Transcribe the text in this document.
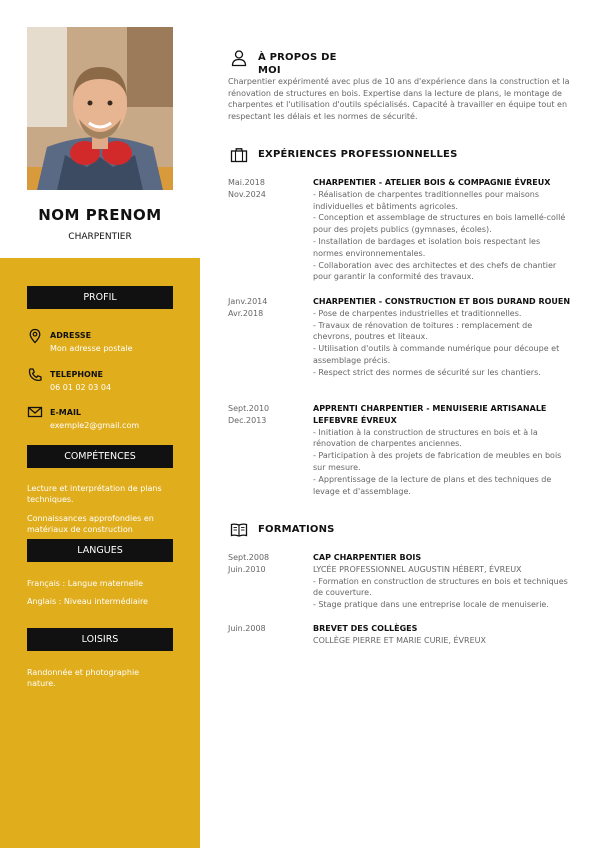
NOM PRENOM
CHARPENTIER
PROFIL
ADRESSE
Mon adresse postale
TELEPHONE
06 01 02 03 04
E-MAIL
exemple2@gmail.com
COMPÉTENCES
Lecture et interprétation de plans techniques.
Connaissances approfondies en matériaux de construction
LANGUES
Français : Langue maternelle
Anglais : Niveau intermédiaire
LOISIRS
Randonnée et photographie nature.
À PROPOS DE MOI
Charpentier expérimenté avec plus de 10 ans d'expérience dans la construction et la rénovation de structures en bois. Expertise dans la lecture de plans, le montage de charpentes et l'utilisation d'outils spécialisés. Capacité à travailler en équipe tout en respectant les délais et les normes de sécurité.
EXPÉRIENCES PROFESSIONNELLES
Mai.2018
Nov.2024
CHARPENTIER - ATELIER BOIS & COMPAGNIE ÉVREUX
- Réalisation de charpentes traditionnelles pour maisons individuelles et bâtiments agricoles.
- Conception et assemblage de structures en bois lamellé-collé pour des projets publics (gymnases, écoles).
- Installation de bardages et isolation bois respectant les normes environnementales.
- Collaboration avec des architectes et des chefs de chantier pour garantir la conformité des travaux.
Janv.2014
Avr.2018
CHARPENTIER - CONSTRUCTION ET BOIS DURAND ROUEN
- Pose de charpentes industrielles et traditionnelles.
- Travaux de rénovation de toitures : remplacement de chevrons, poutres et liteaux.
- Utilisation d'outils à commande numérique pour découpe et assemblage précis.
- Respect strict des normes de sécurité sur les chantiers.
Sept.2010
Dec.2013
APPRENTI CHARPENTIER - MENUISERIE ARTISANALE LEFEBVRE ÉVREUX
- Initiation à la construction de structures en bois et à la rénovation de charpentes anciennes.
- Participation à des projets de fabrication de meubles en bois sur mesure.
- Apprentissage de la lecture de plans et des techniques de levage et d'assemblage.
FORMATIONS
Sept.2008
Juin.2010
CAP CHARPENTIER BOIS
LYCÉE PROFESSIONNEL AUGUSTIN HÉBERT, ÉVREUX
- Formation en construction de structures en bois et techniques de couverture.
- Stage pratique dans une entreprise locale de menuiserie.
Juin.2008	BREVET DES COLLÈGES
COLLÈGE PIERRE ET MARIE CURIE, ÉVREUX
